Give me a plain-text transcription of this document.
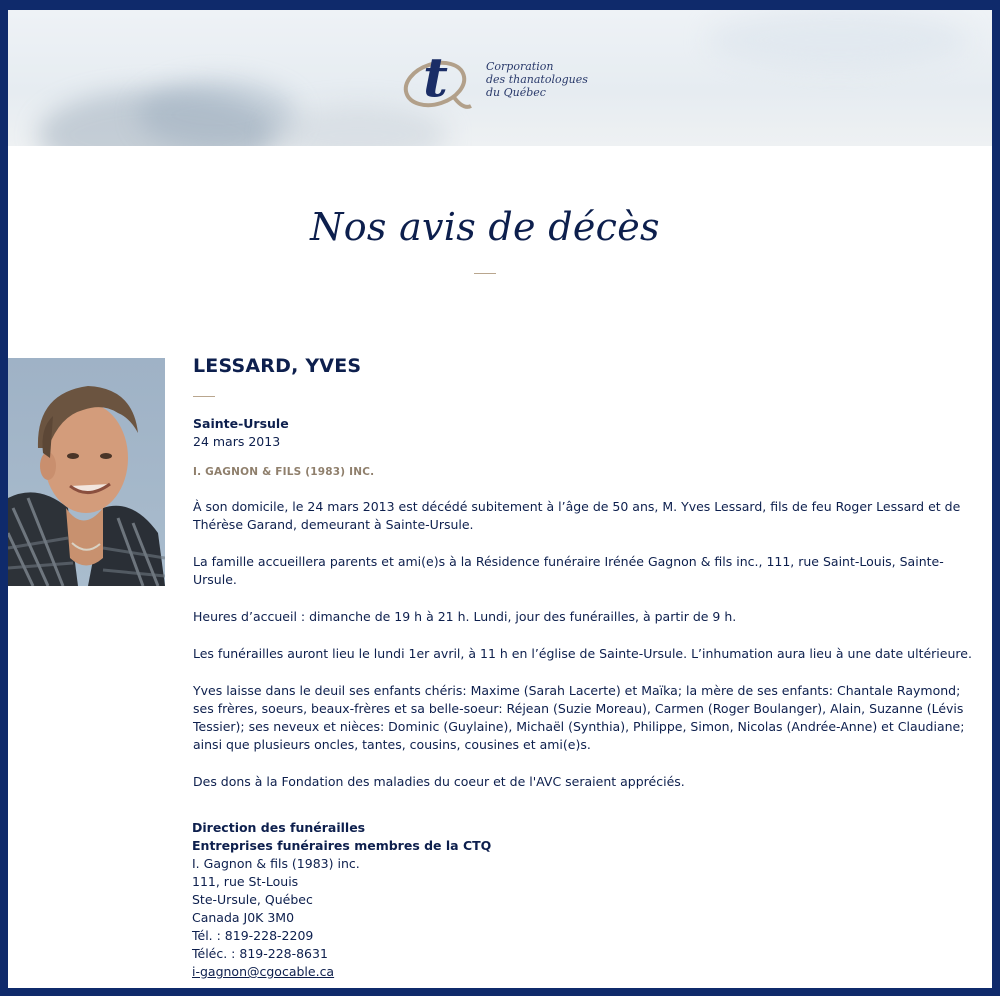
t	Corporation
des thanatologues
du Québec
Nos avis de décès
LESSARD, YVES
Sainte-Ursule
24 mars 2013
I. GAGNON & FILS (1983) INC.
À son domicile, le 24 mars 2013 est décédé subitement à l’âge de 50 ans, M. Yves Lessard, fils de feu Roger Lessard et de Thérèse Garand, demeurant à Sainte-Ursule.
La famille accueillera parents et ami(e)s à la Résidence funéraire Irénée Gagnon & fils inc., 111, rue Saint-Louis, Sainte-Ursule.
Heures d’accueil : dimanche de 19 h à 21 h. Lundi, jour des funérailles, à partir de 9 h.
Les funérailles auront lieu le lundi 1er avril, à 11 h en l’église de Sainte-Ursule. L’inhumation aura lieu à une date ultérieure.
Yves laisse dans le deuil ses enfants chéris: Maxime (Sarah Lacerte) et Maïka; la mère de ses enfants: Chantale Raymond; ses frères, soeurs, beaux-frères et sa belle-soeur: Réjean (Suzie Moreau), Carmen (Roger Boulanger), Alain, Suzanne (Lévis Tessier); ses neveux et nièces: Dominic (Guylaine), Michaël (Synthia), Philippe, Simon, Nicolas (Andrée-Anne) et Claudiane; ainsi que plusieurs oncles, tantes, cousins, cousines et ami(e)s.
Des dons à la Fondation des maladies du coeur et de l'AVC seraient appréciés.
Direction des funérailles
Entreprises funéraires membres de la CTQ
I. Gagnon & fils (1983) inc.
111, rue St-Louis
Ste-Ursule, Québec
Canada J0K 3M0
Tél. : 819-228-2209
Téléc. : 819-228-8631
i-gagnon@cgocable.ca
